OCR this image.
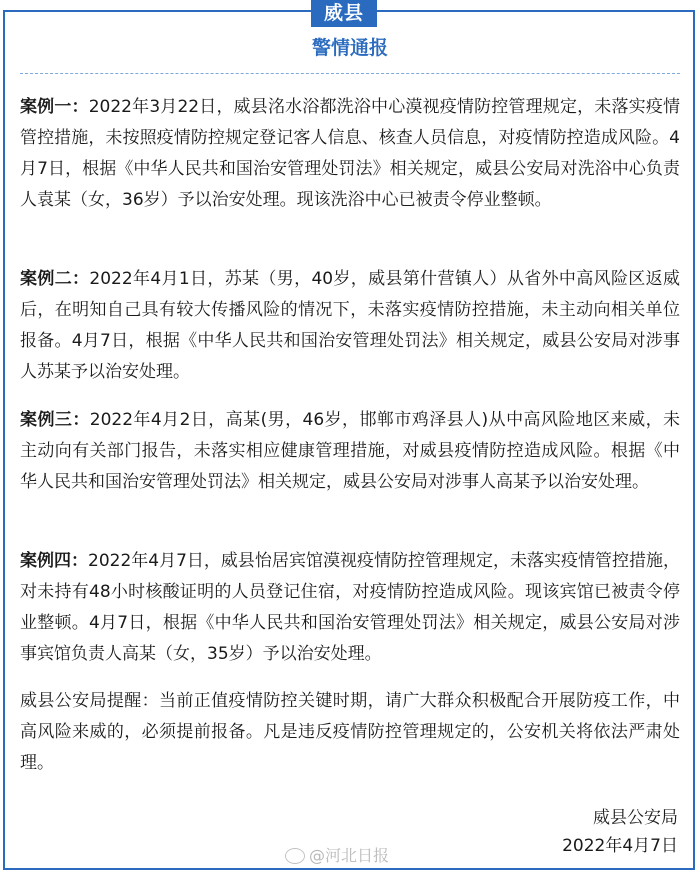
威县
警情通报

案例一：2022年3月22日，威县洺水浴都洗浴中心漠视疫情防控管理规定，未落实疫情管控措施，未按照疫情防控规定登记客人信息、核查人员信息，对疫情防控造成风险。4月7日，根据《中华人民共和国治安管理处罚法》相关规定，威县公安局对洗浴中心负责人袁某（女，36岁）予以治安处理。现该洗浴中心已被责令停业整顿。

案例二：2022年4月1日，苏某（男，40岁，威县第什营镇人）从省外中高风险区返威后，在明知自己具有较大传播风险的情况下，未落实疫情防控措施，未主动向相关单位报备。4月7日，根据《中华人民共和国治安管理处罚法》相关规定，威县公安局对涉事人苏某予以治安处理。

案例三：2022年4月2日，高某(男，46岁，邯郸市鸡泽县人)从中高风险地区来威，未主动向有关部门报告，未落实相应健康管理措施，对威县疫情防控造成风险。根据《中华人民共和国治安管理处罚法》相关规定，威县公安局对涉事人高某予以治安处理。

案例四：2022年4月7日，威县怡居宾馆漠视疫情防控管理规定，未落实疫情管控措施，对未持有48小时核酸证明的人员登记住宿，对疫情防控造成风险。现该宾馆已被责令停业整顿。4月7日，根据《中华人民共和国治安管理处罚法》相关规定，威县公安局对涉事宾馆负责人高某（女，35岁）予以治安处理。

威县公安局提醒：当前正值疫情防控关键时期，请广大群众积极配合开展防疫工作，中高风险来威的，必须提前报备。凡是违反疫情防控管理规定的，公安机关将依法严肃处理。

威县公安局
2022年4月7日
@河北日报
